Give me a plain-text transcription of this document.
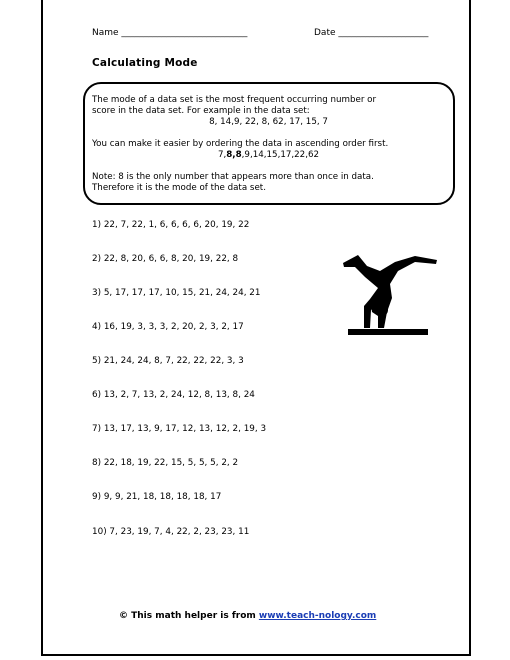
Name ____________________________	Date ____________________
Calculating Mode

The mode of a data set is the most frequent occurring number or

score in the data set. For example in the data set:

8, 14,9, 22, 8, 62, 17, 15, 7

You can make it easier by ordering the data in ascending order first.

7,8,8,9,14,15,17,22,62

Note: 8 is the only number that appears more than once in data.

Therefore it is the mode of the data set.

1) 22, 7, 22, 1, 6, 6, 6, 6, 20, 19, 22
2) 22, 8, 20, 6, 6, 8, 20, 19, 22, 8
3) 5, 17, 17, 17, 10, 15, 21, 24, 24, 21
4) 16, 19, 3, 3, 3, 2, 20, 2, 3, 2, 17
5) 21, 24, 24, 8, 7, 22, 22, 22, 3, 3
6) 13, 2, 7, 13, 2, 24, 12, 8, 13, 8, 24
7) 13, 17, 13, 9, 17, 12, 13, 12, 2, 19, 3
8) 22, 18, 19, 22, 15, 5, 5, 5, 2, 2
9) 9, 9, 21, 18, 18, 18, 18, 17
10) 7, 23, 19, 7, 4, 22, 2, 23, 23, 11
© This math helper is from www.teach-nology.com
